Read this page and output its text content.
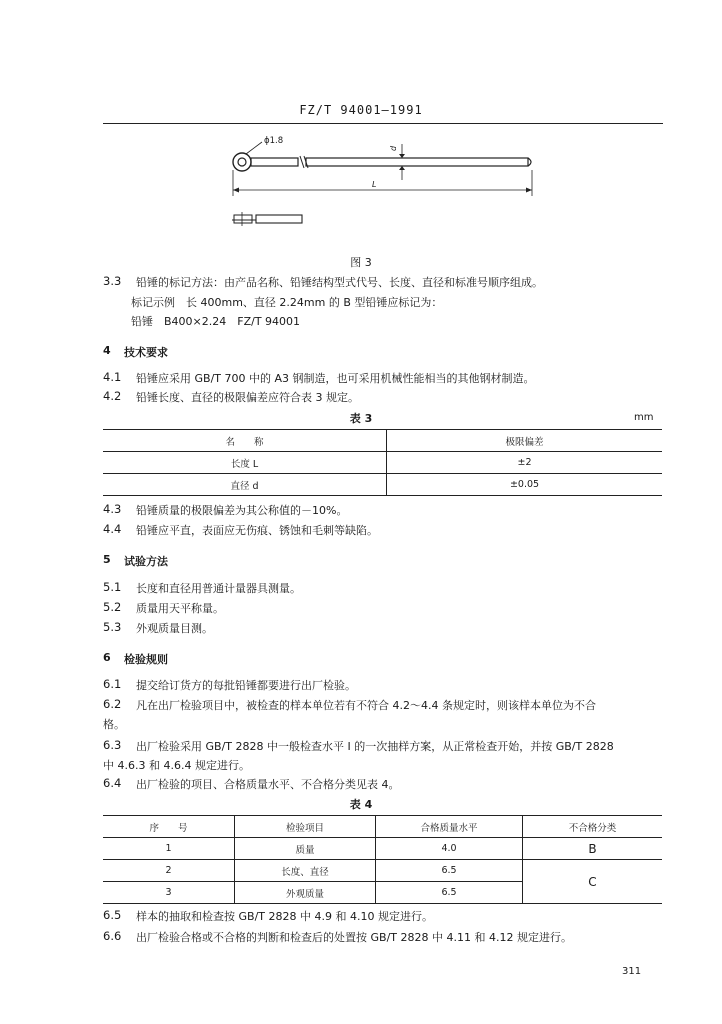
FZ/T 94001—1991
ϕ1.8
d
L
图 3
3.3 铅锤的标记方法：由产品名称、铅锤结构型式代号、长度、直径和标准号顺序组成。
标记示例　长 400mm、直径 2.24mm 的 B 型铅锤应标记为：
铅锤　B400×2.24　FZ/T 94001
4 技术要求
4.1 铅锤应采用 GB/T 700 中的 A3 钢制造，也可采用机械性能相当的其他钢材制造。
4.2 铅锤长度、直径的极限偏差应符合表 3 规定。
表 3	mm
名　　称	极限偏差
长度 L	±2
直径 d	±0.05
4.3 铅锤质量的极限偏差为其公称值的－10%。
4.4 铅锤应平直，表面应无伤痕、锈蚀和毛刺等缺陷。
5 试验方法
5.1 长度和直径用普通计量器具测量。
5.2 质量用天平称量。
5.3 外观质量目测。
6 检验规则
6.1 提交给订货方的每批铅锤都要进行出厂检验。
6.2 凡在出厂检验项目中，被检查的样本单位若有不符合 4.2～4.4 条规定时，则该样本单位为不合
格。
6.3 出厂检验采用 GB/T 2828 中一般检查水平 Ⅰ 的一次抽样方案，从正常检查开始，并按 GB/T 2828
中 4.6.3 和 4.6.4 规定进行。
6.4 出厂检验的项目、合格质量水平、不合格分类见表 4。
表 4
序　　号	检验项目	合格质量水平	不合格分类
1	质量	4.0	B
2	长度、直径	6.5	C
3	外观质量	6.5	
6.5 样本的抽取和检查按 GB/T 2828 中 4.9 和 4.10 规定进行。
6.6 出厂检验合格或不合格的判断和检查后的处置按 GB/T 2828 中 4.11 和 4.12 规定进行。
311
